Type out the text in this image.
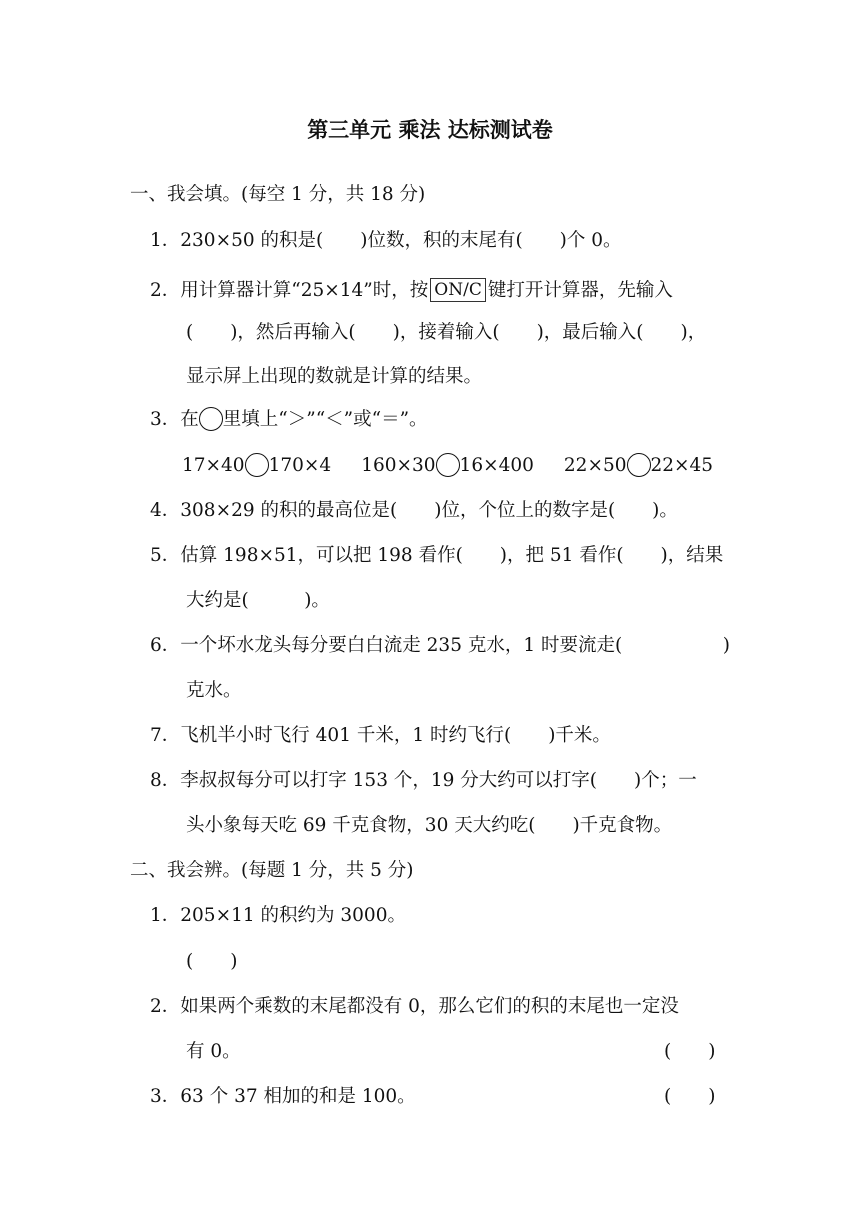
第三单元 乘法 达标测试卷
一、我会填。(每空 1 分，共 18 分)
1．230×50 的积是(　　)位数，积的末尾有(　　)个 0。
2．用计算器计算“25×14”时，按 ON/C 键打开计算器，先输入
(　　)，然后再输入(　　)，接着输入(　　)，最后输入(　　)，
显示屏上出现的数就是计算的结果。
3．在 里填上“＞”“＜”或“＝”。
17×40 170×4 160×30 16×400 22×50 22×45
4．308×29 的积的最高位是(　　)位，个位上的数字是(　　)。
5．估算 198×51，可以把 198 看作(　　)，把 51 看作(　　)，结果
大约是(　　　)。
6．一个坏水龙头每分要白白流走 235 克水，1 时要流走(	)
克水。
7．飞机半小时飞行 401 千米，1 时约飞行(　　)千米。
8．李叔叔每分可以打字 153 个，19 分大约可以打字(　　)个；一
头小象每天吃 69 千克食物，30 天大约吃(　　)千克食物。
二、我会辨。(每题 1 分，共 5 分)
1．205×11 的积约为 3000。
(　　)
2．如果两个乘数的末尾都没有 0，那么它们的积的末尾也一定没
有 0。	(　　)
3．63 个 37 相加的和是 100。	(　　)
